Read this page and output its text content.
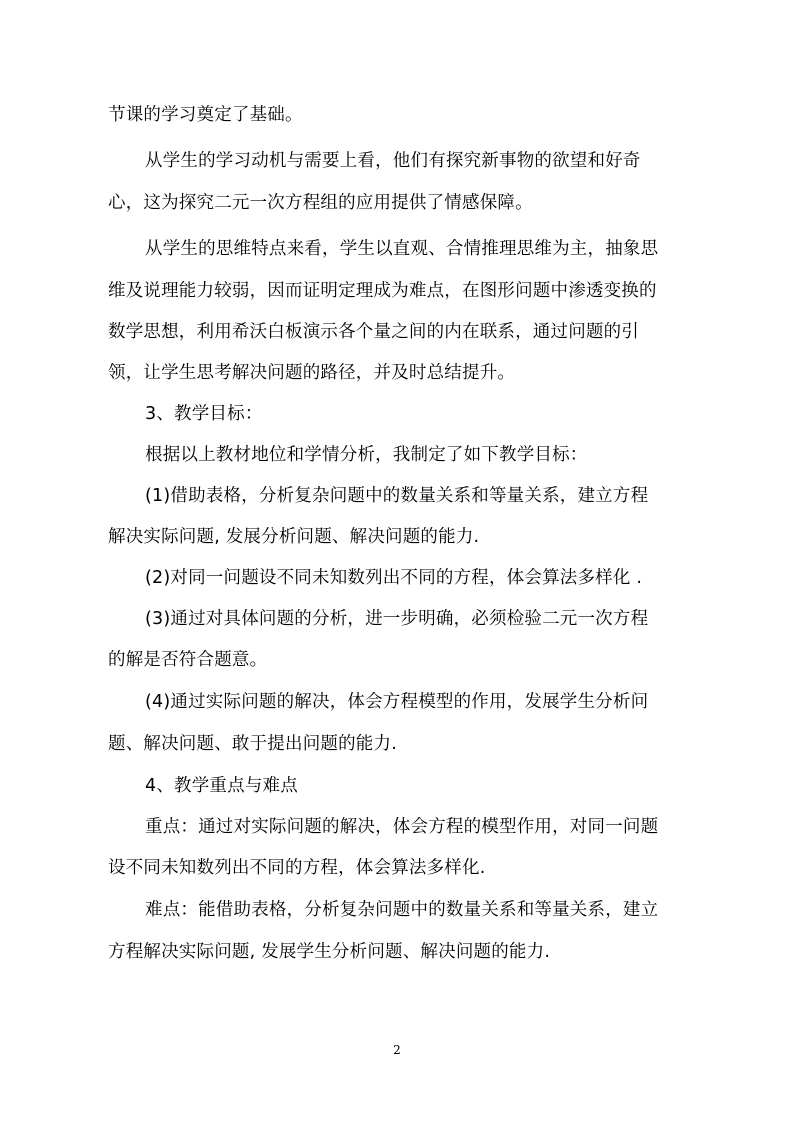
节课的学习奠定了基础。
从学生的学习动机与需要上看，他们有探究新事物的欲望和好奇
心，这为探究二元一次方程组的应用提供了情感保障。
从学生的思维特点来看，学生以直观、合情推理思维为主，抽象思
维及说理能力较弱，因而证明定理成为难点，在图形问题中渗透变换的
数学思想，利用希沃白板演示各个量之间的内在联系，通过问题的引
领，让学生思考解决问题的路径，并及时总结提升。
3、教学目标：
根据以上教材地位和学情分析，我制定了如下教学目标：
(1)借助表格，分析复杂问题中的数量关系和等量关系，建立方程
解决实际问题, 发展分析问题、解决问题的能力.
(2)对同一问题设不同未知数列出不同的方程，体会算法多样化 .
(3)通过对具体问题的分析，进一步明确，必须检验二元一次方程
的解是否符合题意。
(4)通过实际问题的解决，体会方程模型的作用，发展学生分析问
题、解决问题、敢于提出问题的能力.
4、教学重点与难点
重点：通过对实际问题的解决，体会方程的模型作用，对同一问题
设不同未知数列出不同的方程，体会算法多样化.
难点：能借助表格，分析复杂问题中的数量关系和等量关系，建立
方程解决实际问题, 发展学生分析问题、解决问题的能力.
2
